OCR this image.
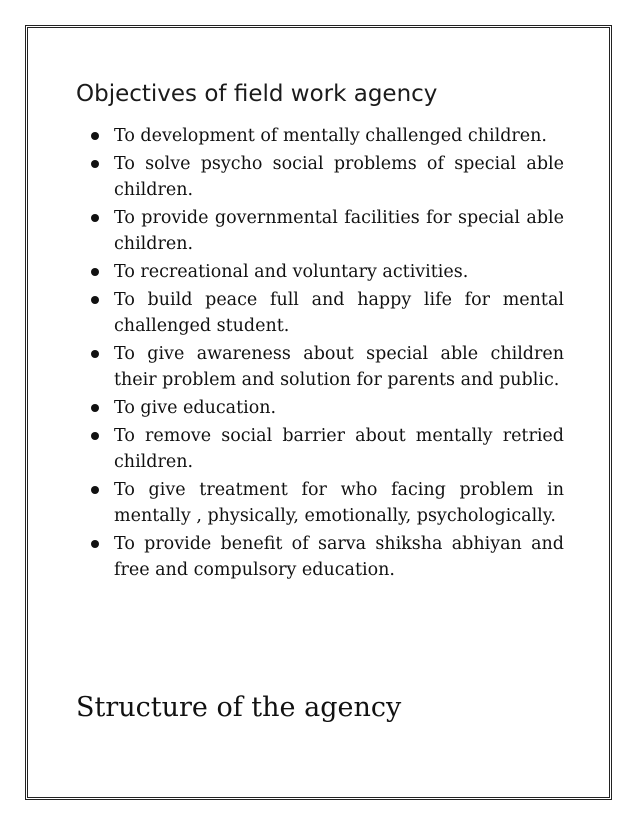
Objectives of field work agency
To development of mentally challenged children.
To solve psycho social problems of special able children.
To provide governmental facilities for special able children.
To recreational and voluntary activities.
To build peace full and happy life for mental challenged student.
To give awareness about special able children their problem and solution for parents and public.
To give education.
To remove social barrier about mentally retried children.
To give treatment for who facing problem in mentally , physically, emotionally, psychologically.
To provide benefit of sarva shiksha abhiyan and free and compulsory education.
Structure of the agency
